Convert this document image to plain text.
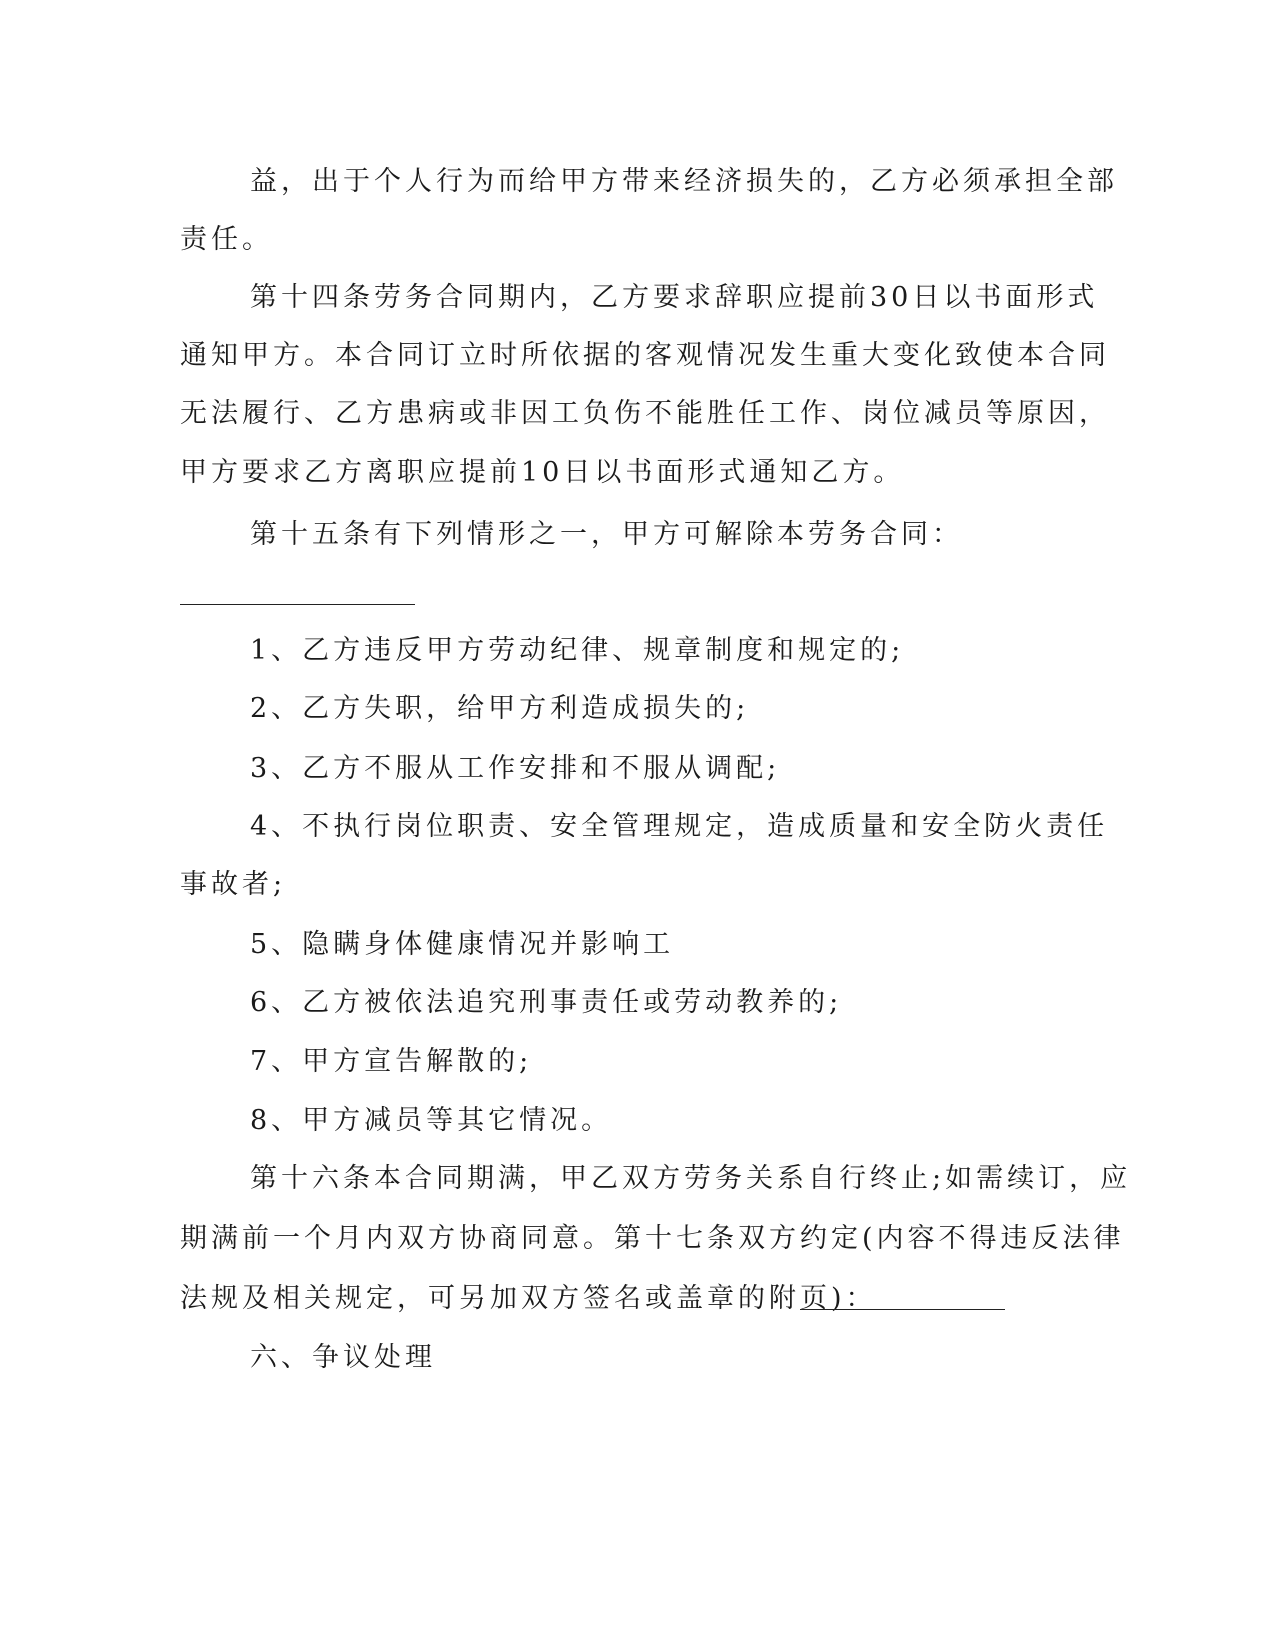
益，出于个人行为而给甲方带来经济损失的，乙方必须承担全部
责任。
第十四条劳务合同期内，乙方要求辞职应提前30日以书面形式
通知甲方。本合同订立时所依据的客观情况发生重大变化致使本合同
无法履行、乙方患病或非因工负伤不能胜任工作、岗位减员等原因，
甲方要求乙方离职应提前10日以书面形式通知乙方。
第十五条有下列情形之一，甲方可解除本劳务合同：
1、乙方违反甲方劳动纪律、规章制度和规定的;
2、乙方失职，给甲方利造成损失的;
3、乙方不服从工作安排和不服从调配;
4、不执行岗位职责、安全管理规定，造成质量和安全防火责任
事故者;
5、隐瞒身体健康情况并影响工
6、乙方被依法追究刑事责任或劳动教养的;
7、甲方宣告解散的;
8、甲方减员等其它情况。
第十六条本合同期满，甲乙双方劳务关系自行终止;如需续订，应
期满前一个月内双方协商同意。第十七条双方约定(内容不得违反法律
法规及相关规定，可另加双方签名或盖章的附页)：
六、争议处理
